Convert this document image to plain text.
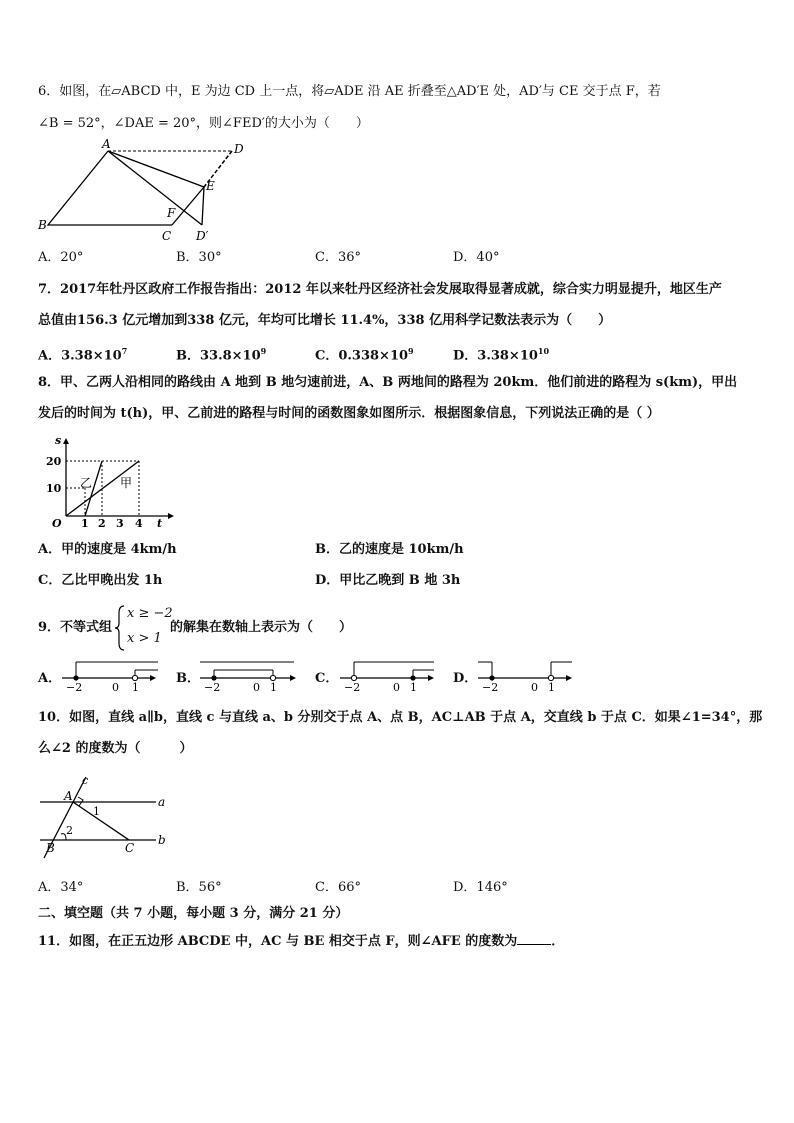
6．如图，在▱ABCD 中，E 为边 CD 上一点，将▱ADE 沿 AE 折叠至△AD′E 处，AD′与 CE 交于点 F，若
∠B = 52°，∠DAE = 20°，则∠FED′的大小为（　　）
A	D
E
B
F
C D′
A．20°	B．30°	C．36°	D．40°
7．2017年牡丹区政府工作报告指出：2012 年以来牡丹区经济社会发展取得显著成就，综合实力明显提升，地区生产
总值由156.3 亿元增加到338 亿元，年均可比增长 11.4%，338 亿用科学记数法表示为（　　）
A．$3.38\times 10^7$	B．$33.8\times 10^9$	C．$0.338\times 10^9$	D．$3.38\times 10^{10}$
8．甲、乙两人沿相同的路线由 A 地到 B 地匀速前进，A、B 两地间的路程为 20km．他们前进的路程为 s(km)，甲出
发后的时间为 t(h)，甲、乙前进的路程与时间的函数图象如图所示．根据图象信息，下列说法正确的是（ ）
s
20
10
O 1 2 3 4 t
乙 甲
A．甲的速度是 4km/h	B．乙的速度是 10km/h
C．乙比甲晚出发 1h	D．甲比乙晚到 B 地 3h
9．不等式组
x ≥ −2
x > 1
的解集在数轴上表示为（　　）
A．
−2	0 1
B．
−2	0 1
C．
−2	0 1
D．
−2	0 1
10．如图，直线 a∥b，直线 c 与直线 a、b 分别交于点 A、点 B，AC⊥AB 于点 A，交直线 b 于点 C．如果∠1=34°，那
么∠2 的度数为（　　　）
c
A
1
a
2
b
B	C
A．34°	B．56°	C．66°	D．146°
二、填空题（共 7 小题，每小题 3 分，满分 21 分）
11．如图，在正五边形 ABCDE 中，AC 与 BE 相交于点 F，则∠AFE 的度数为	．
